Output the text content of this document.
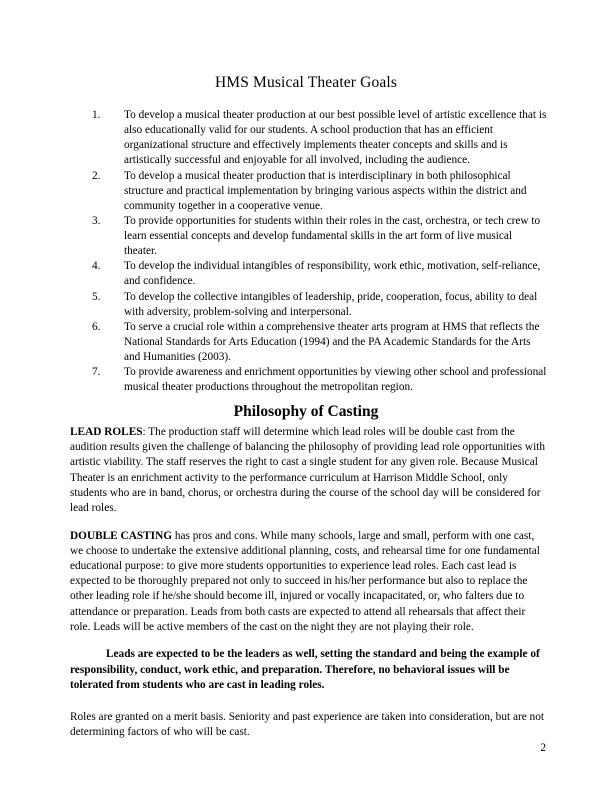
HMS Musical Theater Goals
1.	To develop a musical theater production at our best possible level of artistic excellence that is also educationally valid for our students. A school production that has an efficient organizational structure and effectively implements theater concepts and skills and is artistically successful and enjoyable for all involved, including the audience.
2.	To develop a musical theater production that is interdisciplinary in both philosophical structure and practical implementation by bringing various aspects within the district and community together in a cooperative venue.
3.	To provide opportunities for students within their roles in the cast, orchestra, or tech crew to learn essential concepts and develop fundamental skills in the art form of live musical theater.
4.	To develop the individual intangibles of responsibility, work ethic, motivation, self-reliance, and confidence.
5.	To develop the collective intangibles of leadership, pride, cooperation, focus, ability to deal with adversity, problem-solving and interpersonal.
6.	To serve a crucial role within a comprehensive theater arts program at HMS that reflects the National Standards for Arts Education (1994) and the PA Academic Standards for the Arts and Humanities (2003).
7.	To provide awareness and enrichment opportunities by viewing other school and professional musical theater productions throughout the metropolitan region.
Philosophy of Casting

LEAD ROLES: The production staff will determine which lead roles will be double cast from the audition results given the challenge of balancing the philosophy of providing lead role opportunities with artistic viability. The staff reserves the right to cast a single student for any given role. Because Musical Theater is an enrichment activity to the performance curriculum at Harrison Middle School, only students who are in band, chorus, or orchestra during the course of the school day will be considered for lead roles.

DOUBLE CASTING has pros and cons. While many schools, large and small, perform with one cast, we choose to undertake the extensive additional planning, costs, and rehearsal time for one fundamental educational purpose: to give more students opportunities to experience lead roles. Each cast lead is expected to be thoroughly prepared not only to succeed in his/her performance but also to replace the other leading role if he/she should become ill, injured or vocally incapacitated, or, who falters due to attendance or preparation. Leads from both casts are expected to attend all rehearsals that affect their role. Leads will be active members of the cast on the night they are not playing their role.

Leads are expected to be the leaders as well, setting the standard and being the example of responsibility, conduct, work ethic, and preparation. Therefore, no behavioral issues will be tolerated from students who are cast in leading roles.

Roles are granted on a merit basis. Seniority and past experience are taken into consideration, but are not determining factors of who will be cast.

2
